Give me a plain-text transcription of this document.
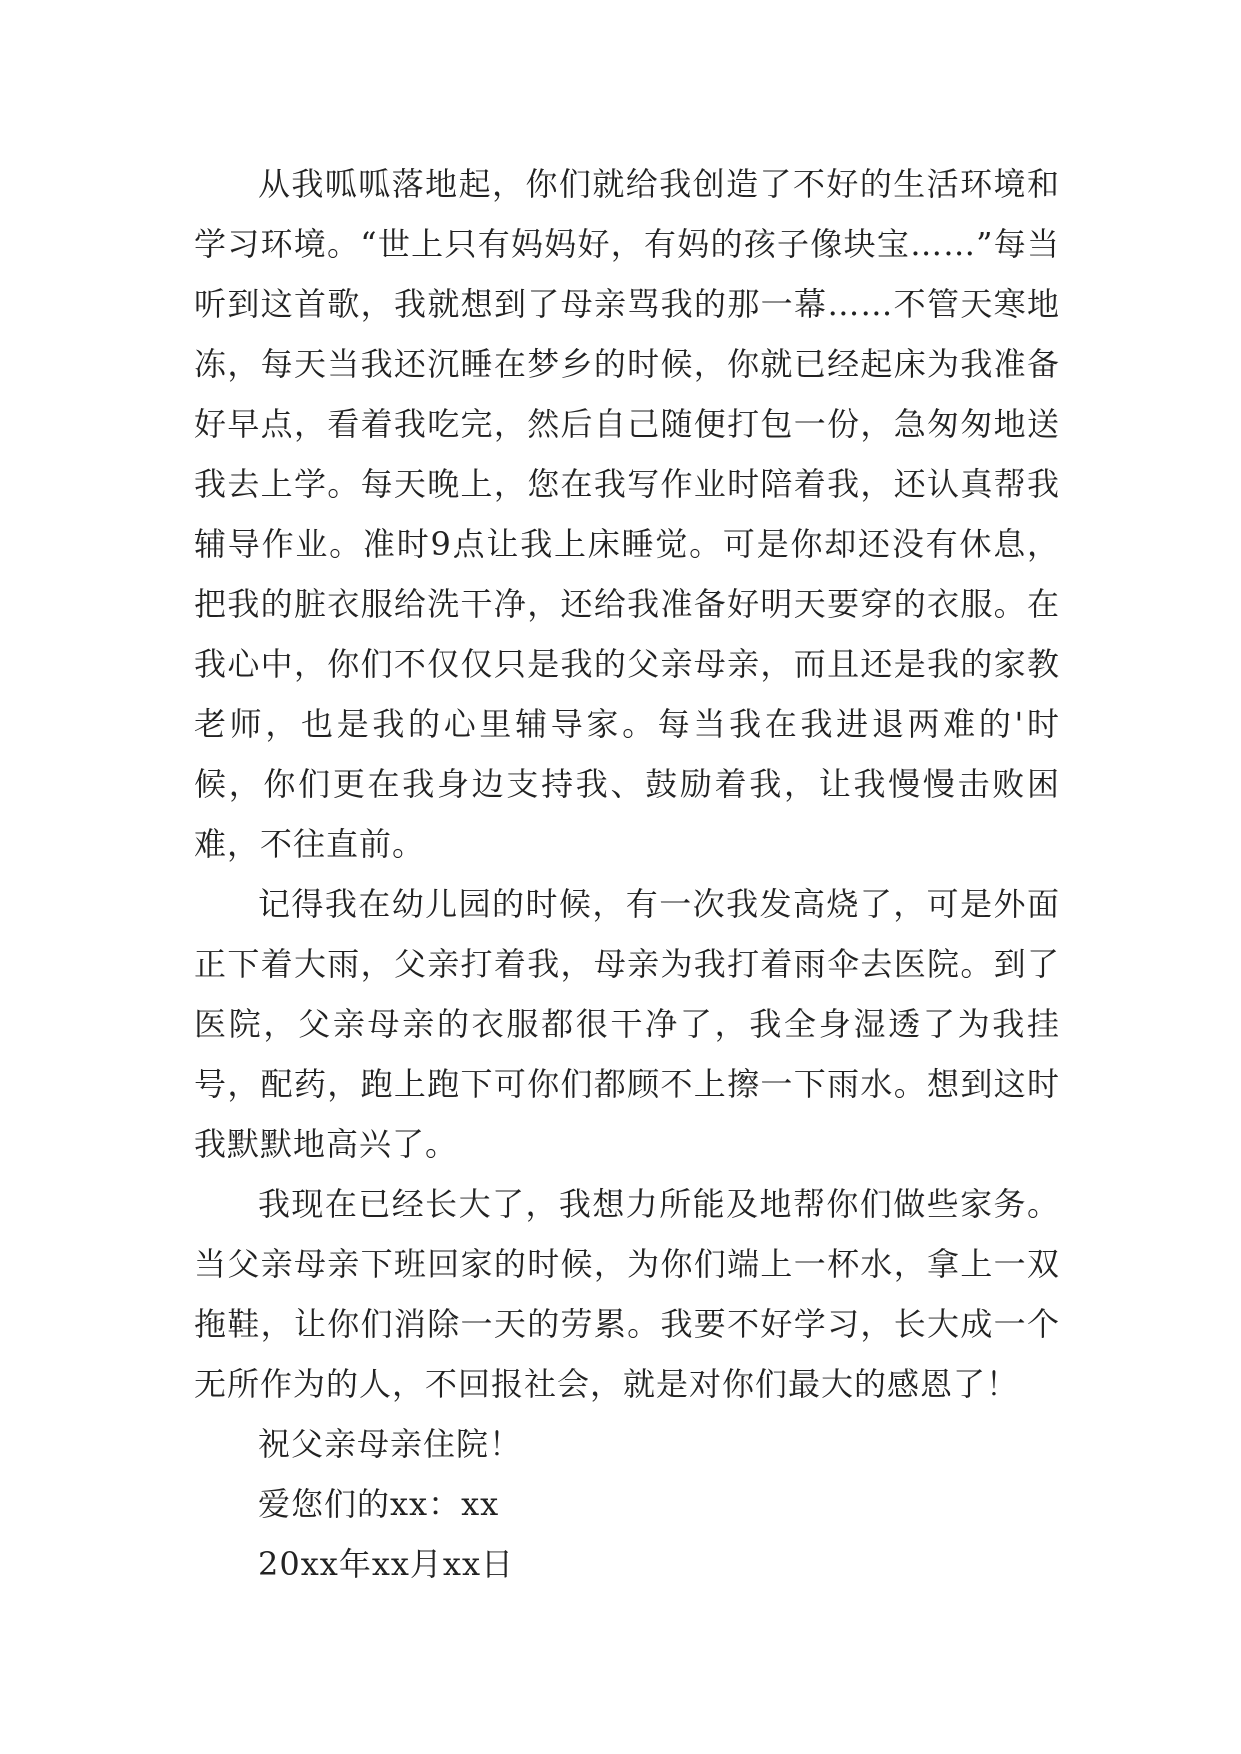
从我呱呱落地起，你们就给我创造了不好的生活环境和学习环境。“世上只有妈妈好，有妈的孩子像块宝……”每当听到这首歌，我就想到了母亲骂我的那一幕……不管天寒地冻，每天当我还沉睡在梦乡的时候，你就已经起床为我准备好早点，看着我吃完，然后自己随便打包一份，急匆匆地送我去上学。每天晚上，您在我写作业时陪着我，还认真帮我辅导作业。准时9点让我上床睡觉。可是你却还没有休息，把我的脏衣服给洗干净，还给我准备好明天要穿的衣服。在我心中，你们不仅仅只是我的父亲母亲，而且还是我的家教老师，也是我的心里辅导家。每当我在我进退两难的'时候，你们更在我身边支持我、鼓励着我，让我慢慢击败困难，不往直前。

记得我在幼儿园的时候，有一次我发高烧了，可是外面正下着大雨，父亲打着我，母亲为我打着雨伞去医院。到了医院，父亲母亲的衣服都很干净了，我全身湿透了为我挂号，配药，跑上跑下可你们都顾不上擦一下雨水。想到这时我默默地高兴了。

我现在已经长大了，我想力所能及地帮你们做些家务。当父亲母亲下班回家的时候，为你们端上一杯水，拿上一双拖鞋，让你们消除一天的劳累。我要不好学习，长大成一个无所作为的人，不回报社会，就是对你们最大的感恩了！

祝父亲母亲住院！

爱您们的xx：xx

20xx年xx月xx日
